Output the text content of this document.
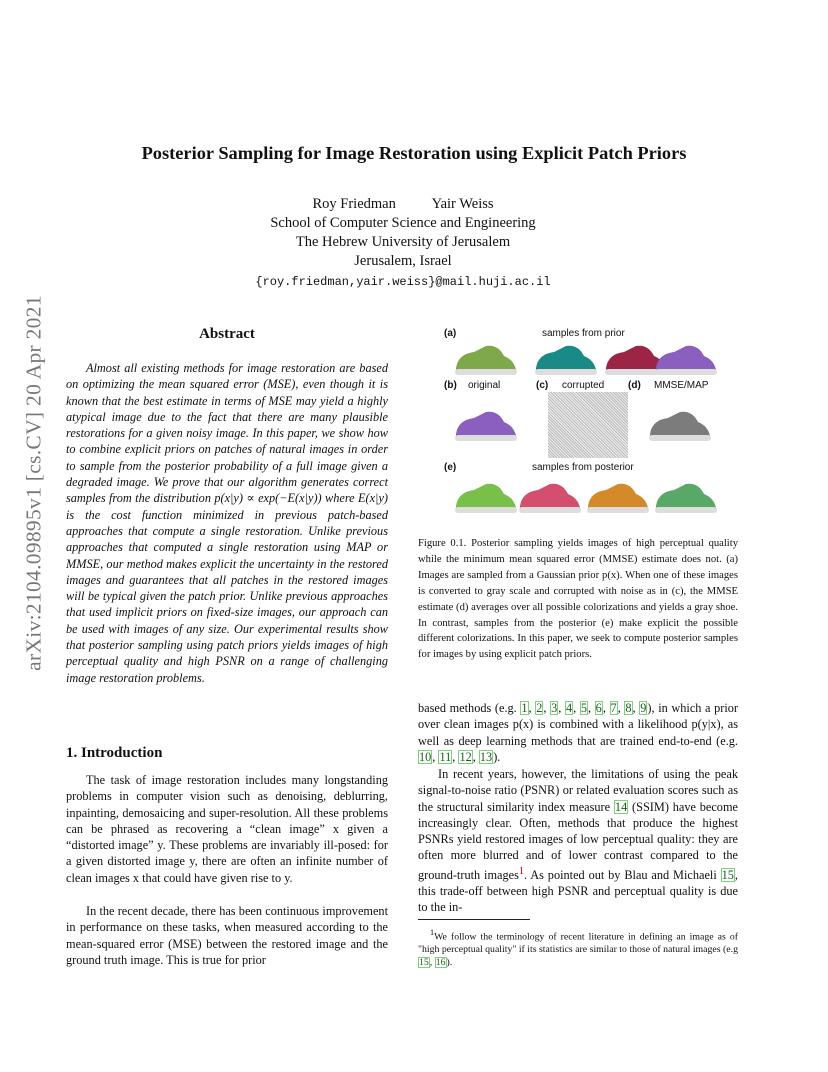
arXiv:2104.09895v1 [cs.CV] 20 Apr 2021
Posterior Sampling for Image Restoration using Explicit Patch Priors
Roy Friedman          Yair Weiss
School of Computer Science and Engineering
The Hebrew University of Jerusalem
Jerusalem, Israel
{roy.friedman,yair.weiss}@mail.huji.ac.il
Abstract
Almost all existing methods for image restoration are based on optimizing the mean squared error (MSE), even though it is known that the best estimate in terms of MSE may yield a highly atypical image due to the fact that there are many plausible restorations for a given noisy image. In this paper, we show how to combine explicit priors on patches of natural images in order to sample from the posterior probability of a full image given a degraded image. We prove that our algorithm generates correct samples from the distribution p(x|y) ∝ exp(−E(x|y)) where E(x|y) is the cost function minimized in previous patch-based approaches that compute a single restoration. Unlike previous approaches that computed a single restoration using MAP or MMSE, our method makes explicit the uncertainty in the restored images and guarantees that all patches in the restored images will be typical given the patch prior. Unlike previous approaches that used implicit priors on fixed-size images, our approach can be used with images of any size. Our experimental results show that posterior sampling using patch priors yields images of high perceptual quality and high PSNR on a range of challenging image restoration problems.
1. Introduction
The task of image restoration includes many longstanding problems in computer vision such as denoising, deblurring, inpainting, demosaicing and super-resolution. All these problems can be phrased as recovering a “clean image” x given a “distorted image” y. These problems are invariably ill-posed: for a given distorted image y, there are often an infinite number of clean images x that could have given rise to y.
In the recent decade, there has been continuous improvement in performance on these tasks, when measured according to the mean-squared error (MSE) between the restored image and the ground truth image. This is true for prior
(a)	samples from prior
(b) original	(c) corrupted (d) MMSE/MAP
(e)	samples from posterior
Figure 0.1. Posterior sampling yields images of high perceptual quality while the minimum mean squared error (MMSE) estimate does not. (a) Images are sampled from a Gaussian prior p(x). When one of these images is converted to gray scale and corrupted with noise as in (c), the MMSE estimate (d) averages over all possible colorizations and yields a gray shoe. In contrast, samples from the posterior (e) make explicit the possible different colorizations. In this paper, we seek to compute posterior samples for images by using explicit patch priors.
based methods (e.g. 1, 2, 3, 4, 5, 6, 7, 8, 9), in which a prior over clean images p(x) is combined with a likelihood p(y|x), as well as deep learning methods that are trained end-to-end (e.g. 10, 11, 12, 13).
In recent years, however, the limitations of using the peak signal-to-noise ratio (PSNR) or related evaluation scores such as the structural similarity index measure 14 (SSIM) have become increasingly clear. Often, methods that produce the highest PSNRs yield restored images of low perceptual quality: they are often more blurred and of lower contrast compared to the ground-truth images$^1$. As pointed out by Blau and Michaeli 15, this trade-off between high PSNR and perceptual quality is due to the in-
$^1$We follow the terminology of recent literature in defining an image as of "high perceptual quality" if its statistics are similar to those of natural images (e.g 15, 16).
